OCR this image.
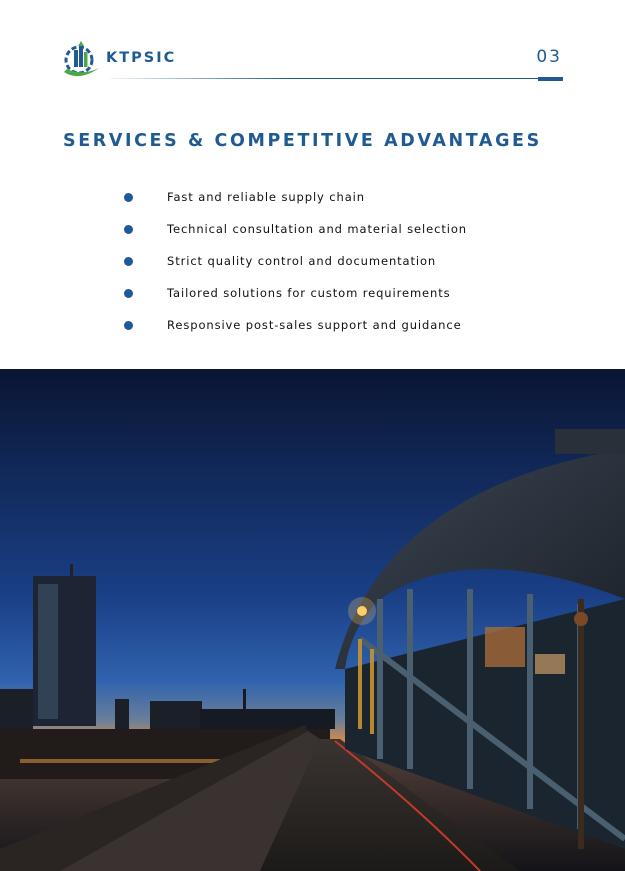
KTPSIC	03
SERVICES & COMPETITIVE ADVANTAGES
Fast and reliable supply chain
Technical consultation and material selection
Strict quality control and documentation
Tailored solutions for custom requirements
Responsive post-sales support and guidance
